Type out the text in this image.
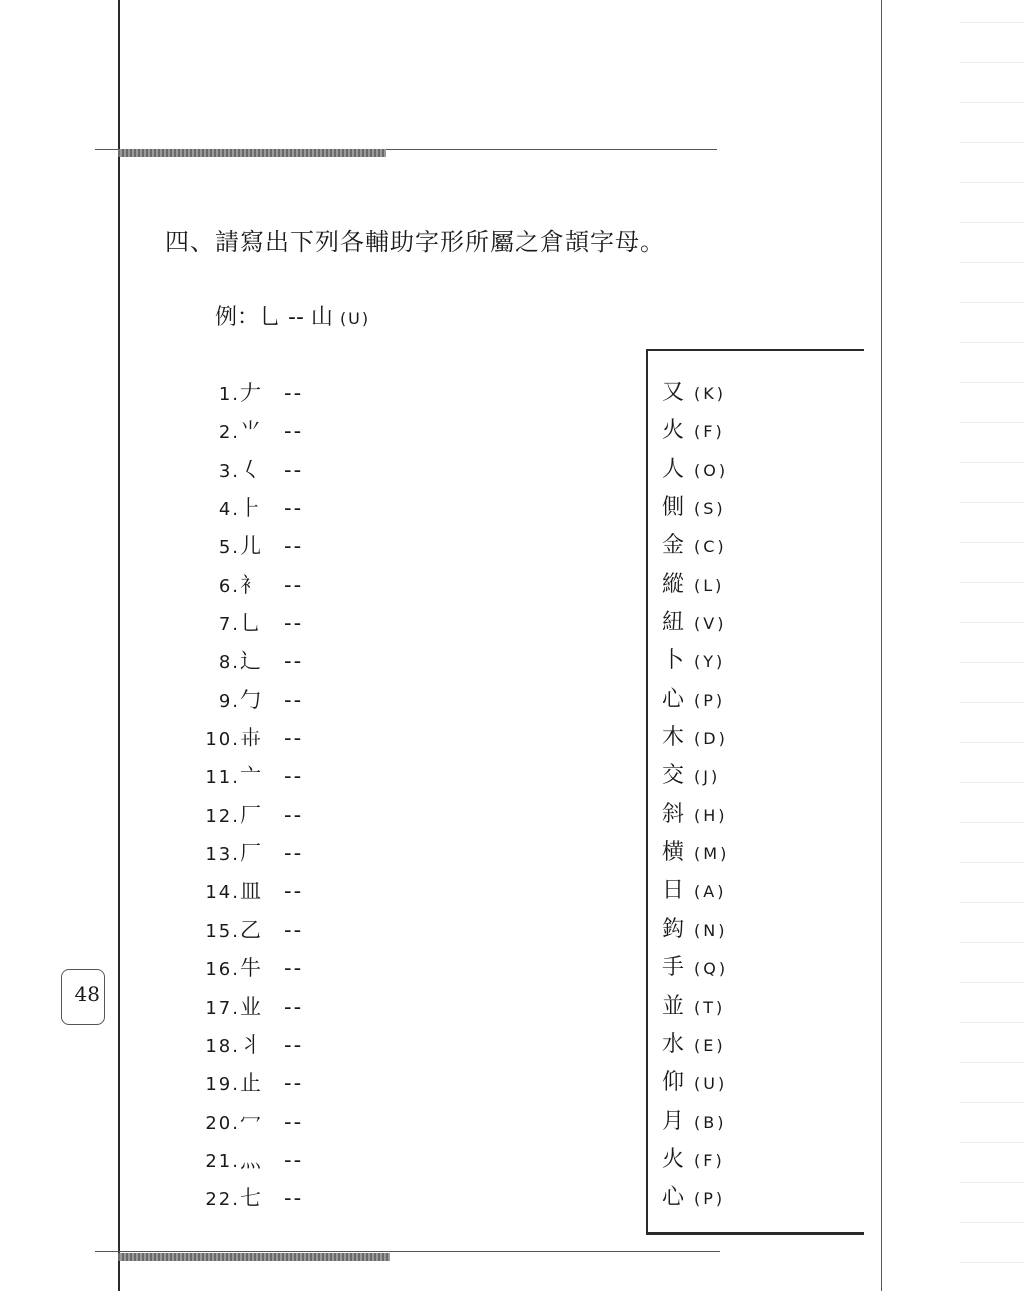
四、請寫出下列各輔助字形所屬之倉頡字母。
例：乚 -- 山 (U)
1.𠂇 --
2.⺌ --
3.𡿨 --
4.⺊ --
5.儿 --
6.衤 --
7.乚 --
8.⻌ --
9.勹 --
10.𠦃 --
11.亠 --
12.厂 --
13.厂 --
14.皿 --
15.乙 --
16.牛 --
17.业 --
18.丬 --
19.止 --
20.冖 --
21.灬 --
22.七 --
又 (K)
火 (F)
人 (O)
側 (S)
金 (C)
縱 (L)
紐 (V)
卜 (Y)
心 (P)
木 (D)
交 (J)
斜 (H)
横 (M)
日 (A)
鈎 (N)
手 (Q)
並 (T)
水 (E)
仰 (U)
月 (B)
火 (F)
心 (P)
48
